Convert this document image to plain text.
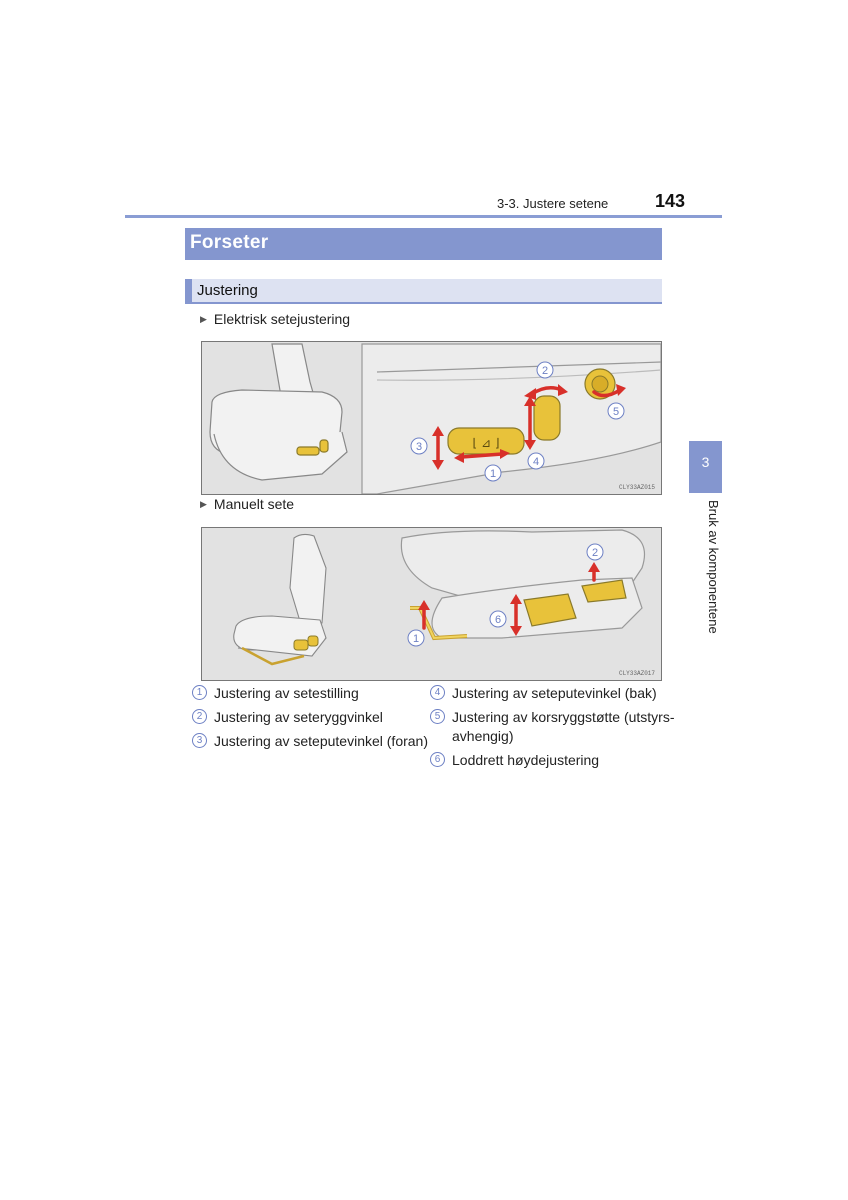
3-3. Justere setene	143
Forseter
Justering
▶ Elektrisk setejustering
⌊ ⊿ ⌋
1
2
3
4
5
CLY33AZ015
▶ Manuelt sete
1
2
6
CLY33AZ017
1 Justering av setestilling
2 Justering av seteryggvinkel
3 Justering av seteputevinkel (foran)
4 Justering av seteputevinkel (bak)
5 Justering av korsryggstøtte (utstyrs-
avhengig)
6 Loddrett høydejustering
3
Bruk av komponentene
